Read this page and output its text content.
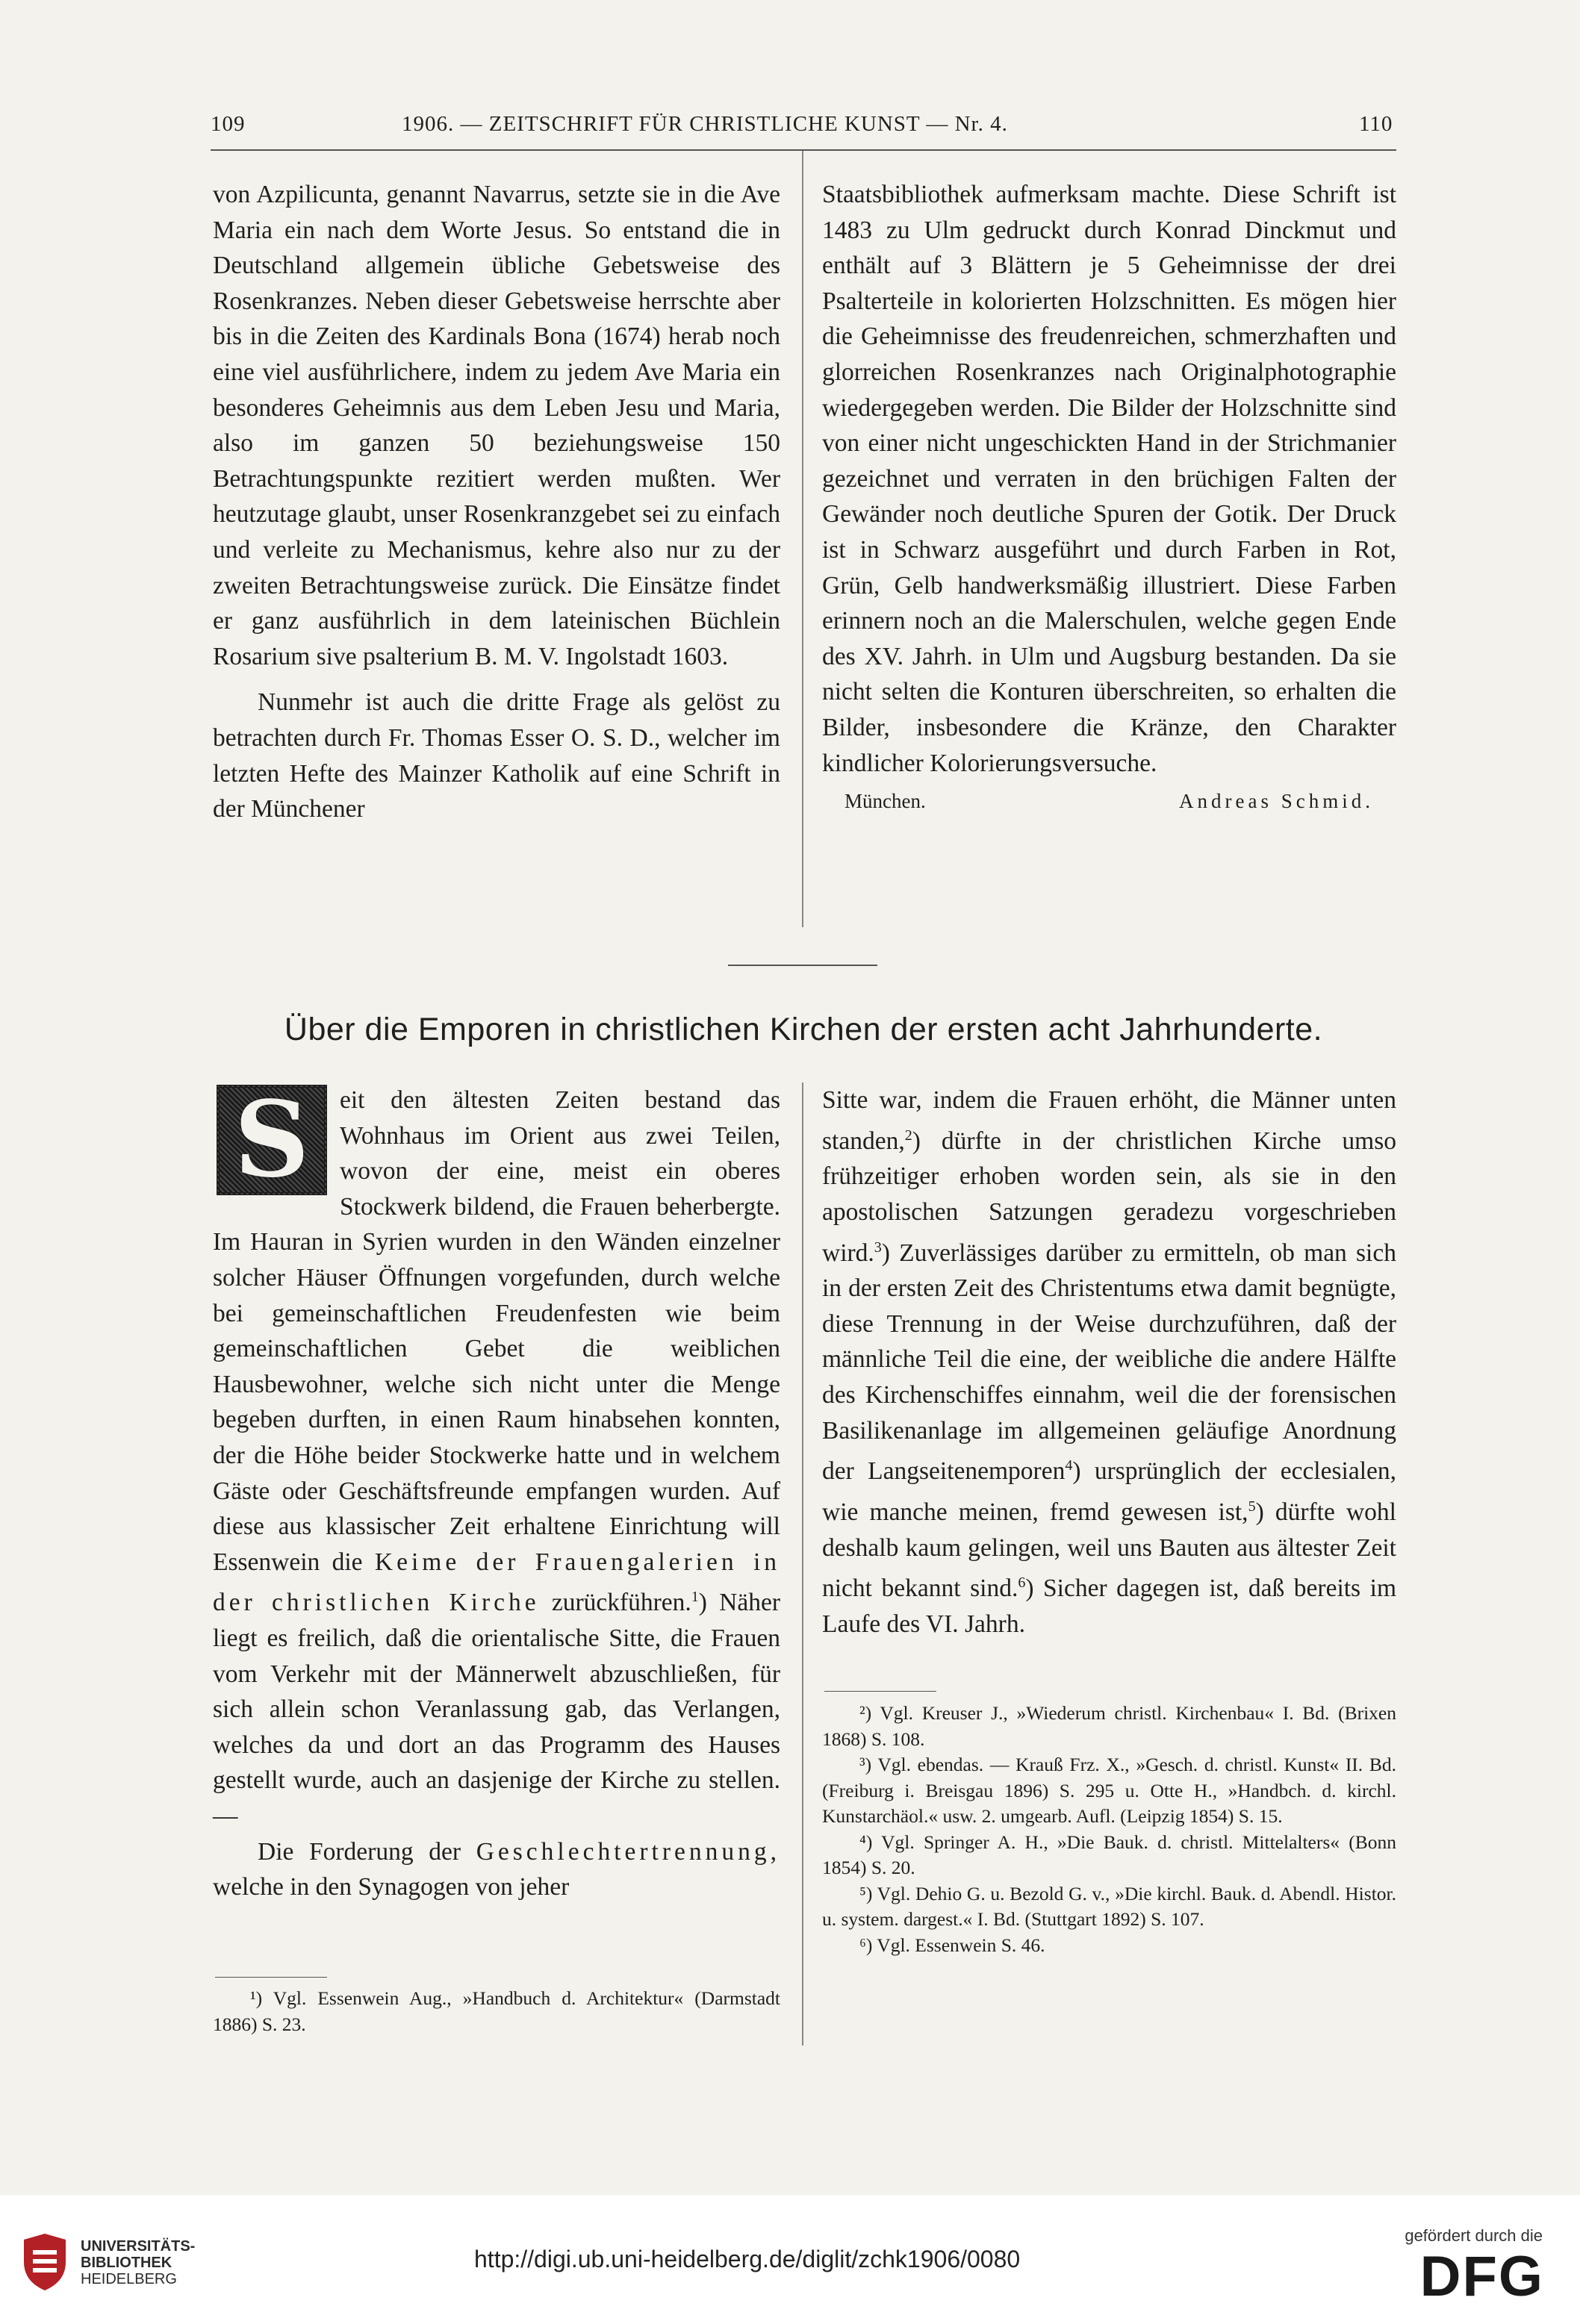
109	1906. — ZEITSCHRIFT FÜR CHRISTLICHE KUNST — Nr. 4.	110

von Azpilicunta, genannt Navarrus, setzte sie in die Ave Maria ein nach dem Worte Jesus. So entstand die in Deutschland allgemein übliche Gebetsweise des Rosenkranzes. Neben dieser Gebetsweise herrschte aber bis in die Zeiten des Kardinals Bona (1674) herab noch eine viel ausführlichere, indem zu jedem Ave Maria ein besonderes Geheimnis aus dem Leben Jesu und Maria, also im ganzen 50 beziehungsweise 150 Betrachtungspunkte rezitiert werden mußten. Wer heutzutage glaubt, unser Rosenkranzgebet sei zu einfach und verleite zu Mechanismus, kehre also nur zu der zweiten Betrachtungsweise zurück. Die Einsätze findet er ganz ausführlich in dem lateinischen Büchlein Rosarium sive psalterium B. M. V. Ingolstadt 1603.

Nunmehr ist auch die dritte Frage als gelöst zu betrachten durch Fr. Thomas Esser O. S. D., welcher im letzten Hefte des Mainzer Katholik auf eine Schrift in der Münchener

Staatsbibliothek aufmerksam machte. Diese Schrift ist 1483 zu Ulm gedruckt durch Konrad Dinckmut und enthält auf 3 Blättern je 5 Geheimnisse der drei Psalterteile in kolorierten Holzschnitten. Es mögen hier die Geheimnisse des freudenreichen, schmerzhaften und glorreichen Rosenkranzes nach Originalphotographie wiedergegeben werden. Die Bilder der Holzschnitte sind von einer nicht ungeschickten Hand in der Strichmanier gezeichnet und verraten in den brüchigen Falten der Gewänder noch deutliche Spuren der Gotik. Der Druck ist in Schwarz ausgeführt und durch Farben in Rot, Grün, Gelb handwerksmäßig illustriert. Diese Farben erinnern noch an die Malerschulen, welche gegen Ende des XV. Jahrh. in Ulm und Augsburg bestanden. Da sie nicht selten die Konturen überschreiten, so erhalten die Bilder, insbesondere die Kränze, den Charakter kindlicher Kolorierungsversuche.

München.	Andreas Schmid.
Über die Emporen in christlichen Kirchen der ersten acht Jahrhunderte.
S	eit den ältesten Zeiten bestand das Wohnhaus im Orient aus zwei Teilen, wovon der eine, meist ein oberes Stockwerk bildend, die Frauen beherbergte. Im Hauran in Syrien wurden in den Wänden einzelner solcher Häuser Öffnungen vorgefunden, durch welche bei gemeinschaftlichen Freudenfesten wie beim gemeinschaftlichen Gebet die weiblichen Hausbewohner, welche sich nicht unter die Menge begeben durften, in einen Raum hinabsehen konnten, der die Höhe beider Stockwerke hatte und in welchem Gäste oder Geschäftsfreunde empfangen wurden. Auf diese aus klassischer Zeit erhaltene Einrichtung will Essenwein die Keime der Frauengalerien in der christlichen Kirche zurückführen.$^1$) Näher liegt es freilich, daß die orientalische Sitte, die Frauen vom Verkehr mit der Männerwelt abzuschließen, für sich allein schon Veranlassung gab, das Verlangen, welches da und dort an das Programm des Hauses gestellt wurde, auch an dasjenige der Kirche zu stellen. —

Die Forderung der Geschlechtertrennung, welche in den Synagogen von jeher

¹) Vgl. Essenwein Aug., »Handbuch d. Architektur« (Darmstadt 1886) S. 23.

Sitte war, indem die Frauen erhöht, die Männer unten standen,$^2$) dürfte in der christlichen Kirche umso frühzeitiger erhoben worden sein, als sie in den apostolischen Satzungen geradezu vorgeschrieben wird.$^3$) Zuverlässiges darüber zu ermitteln, ob man sich in der ersten Zeit des Christentums etwa damit begnügte, diese Trennung in der Weise durchzuführen, daß der männliche Teil die eine, der weibliche die andere Hälfte des Kirchenschiffes einnahm, weil die der forensischen Basilikenanlage im allgemeinen geläufige Anordnung der Langseitenemporen$^4$) ursprünglich der ecclesialen, wie manche meinen, fremd gewesen ist,$^5$) dürfte wohl deshalb kaum gelingen, weil uns Bauten aus ältester Zeit nicht bekannt sind.$^6$) Sicher dagegen ist, daß bereits im Laufe des VI. Jahrh.

²) Vgl. Kreuser J., »Wiederum christl. Kirchenbau« I. Bd. (Brixen 1868) S. 108.

³) Vgl. ebendas. — Krauß Frz. X., »Gesch. d. christl. Kunst« II. Bd. (Freiburg i. Breisgau 1896) S. 295 u. Otte H., »Handbch. d. kirchl. Kunstarchäol.« usw. 2. umgearb. Aufl. (Leipzig 1854) S. 15.

⁴) Vgl. Springer A. H., »Die Bauk. d. christl. Mittelalters« (Bonn 1854) S. 20.

⁵) Vgl. Dehio G. u. Bezold G. v., »Die kirchl. Bauk. d. Abendl. Histor. u. system. dargest.« I. Bd. (Stuttgart 1892) S. 107.

⁶) Vgl. Essenwein S. 46.

UNIVERSITÄTS-
BIBLIOTHEK
HEIDELBERG
http://digi.ub.uni-heidelberg.de/diglit/zchk1906/0080
gefördert durch die
DFG
